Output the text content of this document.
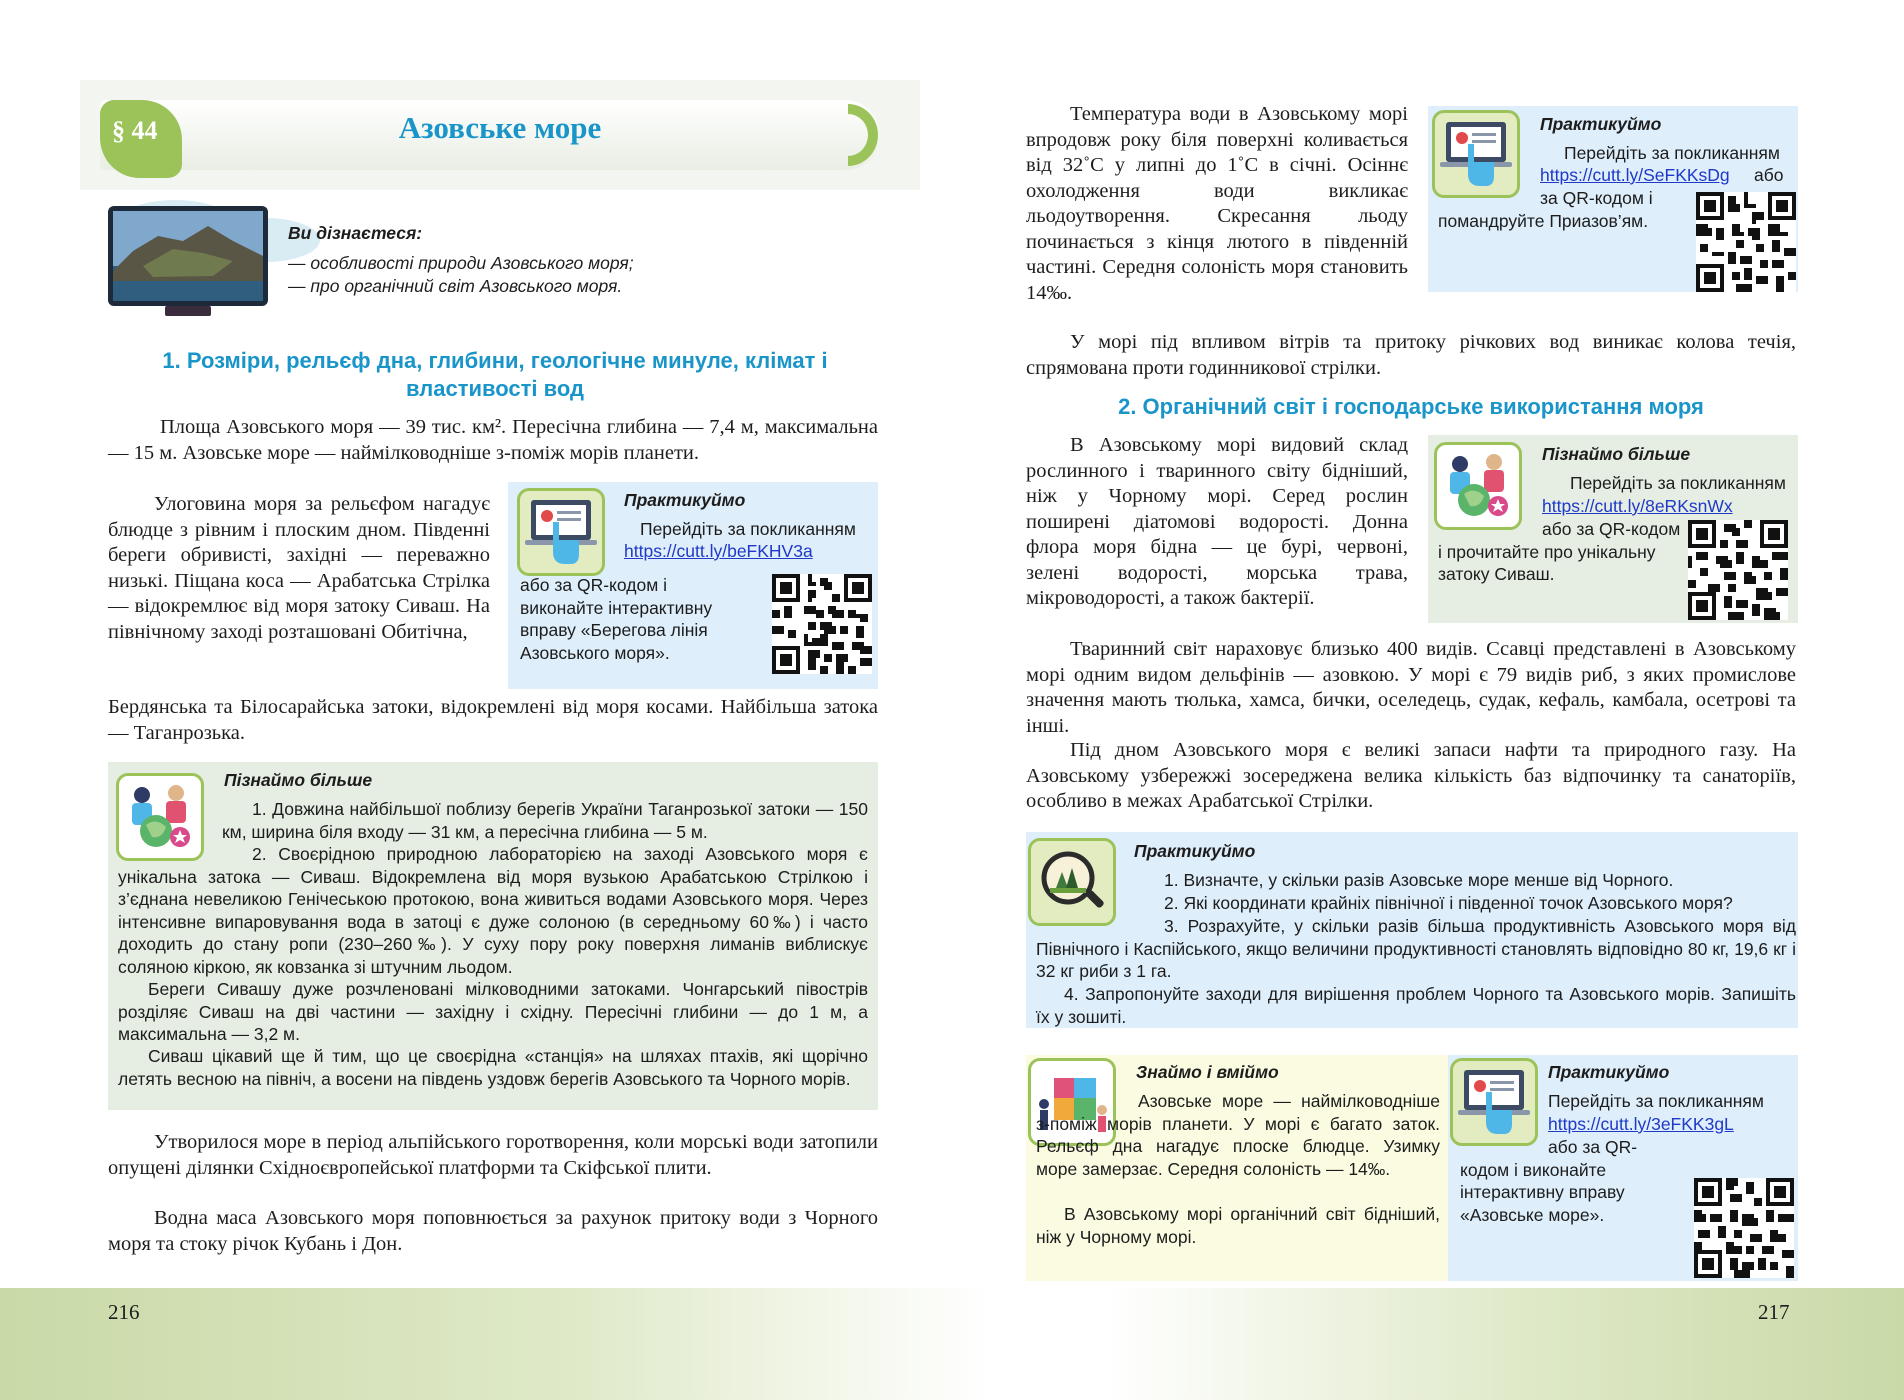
§ 44	Азовське море
Ви дізнаєтеся:
— особливості природи Азовського моря;
— про органічний світ Азовського моря.
1. Розміри, рельєф дна, глибини, геологічне минуле, клімат і властивості вод

Площа Азовського моря — 39 тис. км². Пересічна глибина — 7,4 м, максимальна — 15 м. Азовське море — наймілководніше з-поміж морів планети.

Улоговина моря за рельєфом нагадує блюдце з рівним і плоским дном. Південні береги обривисті, західні — переважно низькі. Піщана коса — Арабатська Стрілка — відокремлює від моря затоку Сиваш. На північному заході розташовані Обитічна,

Бердянська та Білосарайська затоки, відокремлені від моря косами. Найбільша затока — Таганрозька.

Практикуймо
Перейдіть за покликанням
https://cutt.ly/beFKHV3a
або за QR-кодом і виконайте інтерактивну вправу «Берегова лінія Азовського моря».
Пізнаймо більше
1. Довжина найбільшої поблизу берегів України Таганрозької затоки — 150 км, ширина біля входу — 31 км, а пересічна глибина — 5 м.
2. Своєрідною природною лабораторією на заході Азовського моря є унікальна затока — Сиваш. Відокремлена від моря вузькою Арабатською Стрілкою і з’єднана невеликою Генічеською протокою, вона живиться водами Азовського моря. Через інтенсивне випаровування вода в затоці є дуже солоною (в середньому 60‰) і часто доходить до стану ропи (230–260‰). У суху пору року поверхня лиманів виблискує соляною кіркою, як ковзанка зі штучним льодом.
Береги Сивашу дуже розчленовані мілководними затоками. Чонгарський півострів розділяє Сиваш на дві частини — західну і східну. Пересічні глибини — до 1 м, а максимальна — 3,2 м.
Сиваш цікавий ще й тим, що це своєрідна «станція» на шляхах птахів, які щорічно летять весною на північ, а восени на південь уздовж берегів Азовського та Чорного морів.

Утворилося море в період альпійського горотворення, коли морські води затопили опущені ділянки Східноєвропейської платформи та Скіфської плити.

Водна маса Азовського моря поповнюється за рахунок притоку води з Чорного моря та стоку річок Кубань і Дон.

Температура води в Азовському морі впродовж року біля поверхні коливається від 32˚С у липні до 1˚С в січні. Осіннє охолодження води викликає льодоутворення. Скресання льоду починається з кінця лютого в південній частині. Середня солоність моря становить 14‰.

Практикуймо
Перейдіть за покликанням
https://cutt.ly/SeFKKsDg або
за QR-кодом і помандруйте Приазов’ям.

У морі під впливом вітрів та притоку річкових вод виникає колова течія, спрямована проти годинникової стрілки.

2. Органічний світ і господарське використання моря

В Азовському морі видовий склад рослинного і тваринного світу бідніший, ніж у Чорному морі. Серед рослин поширені діатомові водорості. Донна флора моря бідна — це бурі, червоні, зелені водорості, морська трава, мікроводорості, а також бактерії.

Пізнаймо більше
Перейдіть за покликанням
https://cutt.ly/8eRKsnWx
або за QR-кодом і прочитайте про унікальну затоку Сиваш.

Тваринний світ нараховує близько 400 видів. Ссавці представлені в Азовському морі одним видом дельфінів — азовкою. У морі є 79 видів риб, з яких промислове значення мають тюлька, хамса, бички, оселедець, судак, кефаль, камбала, осетрові та інші.

Під дном Азовського моря є великі запаси нафти та природного газу. На Азовському узбережжі зосереджена велика кількість баз відпочинку та санаторіїв, особливо в межах Арабатської Стрілки.

Практикуймо
1. Визначте, у скільки разів Азовське море менше від Чорного.
2. Які координати крайніх північної і південної точок Азовського моря?
3. Розрахуйте, у скільки разів більша продуктивність Азовського моря від Північного і Каспійського, якщо величини продуктивності становлять відповідно 80 кг, 19,6 кг і 32 кг риби з 1 га.
4. Запропонуйте заходи для вирішення проблем Чорного та Азовського морів. Запишіть їх у зошиті.
Знаймо і вміймо
Азовське море — наймілководніше з-поміж морів планети. У морі є багато заток. Рельєф дна нагадує плоске блюдце. Узимку море замерзає. Середня солоність — 14‰.
В Азовському морі органічний світ бідніший, ніж у Чорному морі.
Практикуймо
Перейдіть за покликанням
https://cutt.ly/3eFKK3gL
або за QR-кодом і виконайте інтерактивну вправу «Азовське море».
216	217
